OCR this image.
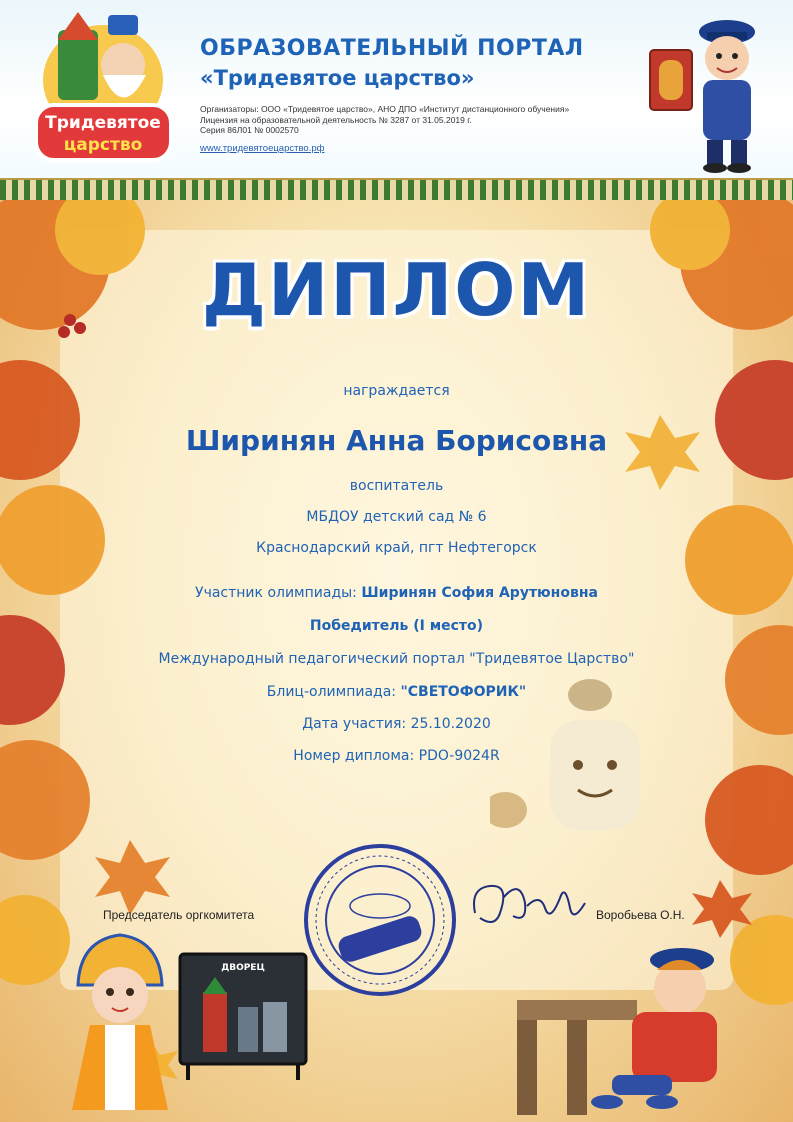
Тридевятое
царство
ОБРАЗОВАТЕЛЬНЫЙ ПОРТАЛ
«Тридевятое царство»
Организаторы: ООО «Тридевятое царство», АНО ДПО «Институт дистанционного обучения»
Лицензия на образовательной деятельность № 3287 от 31.05.2019 г.
Серия 86Л01 № 0002570
www.тридевятоецарство.рф
ДИПЛОМ
награждается
Ширинян Анна Борисовна
воспитатель
МБДОУ детский сад № 6
Краснодарский край, пгт Нефтегорск
Участник олимпиады: Ширинян София Арутюновна
Победитель (I место)
Международный педагогический портал "Тридевятое Царство"
Блиц-олимпиада: "СВЕТОФОРИК"
Дата участия: 25.10.2020
Номер диплома: PDO-9024R
Председатель оргкомитета	Воробьева О.Н.
ДВОРЕЦ
